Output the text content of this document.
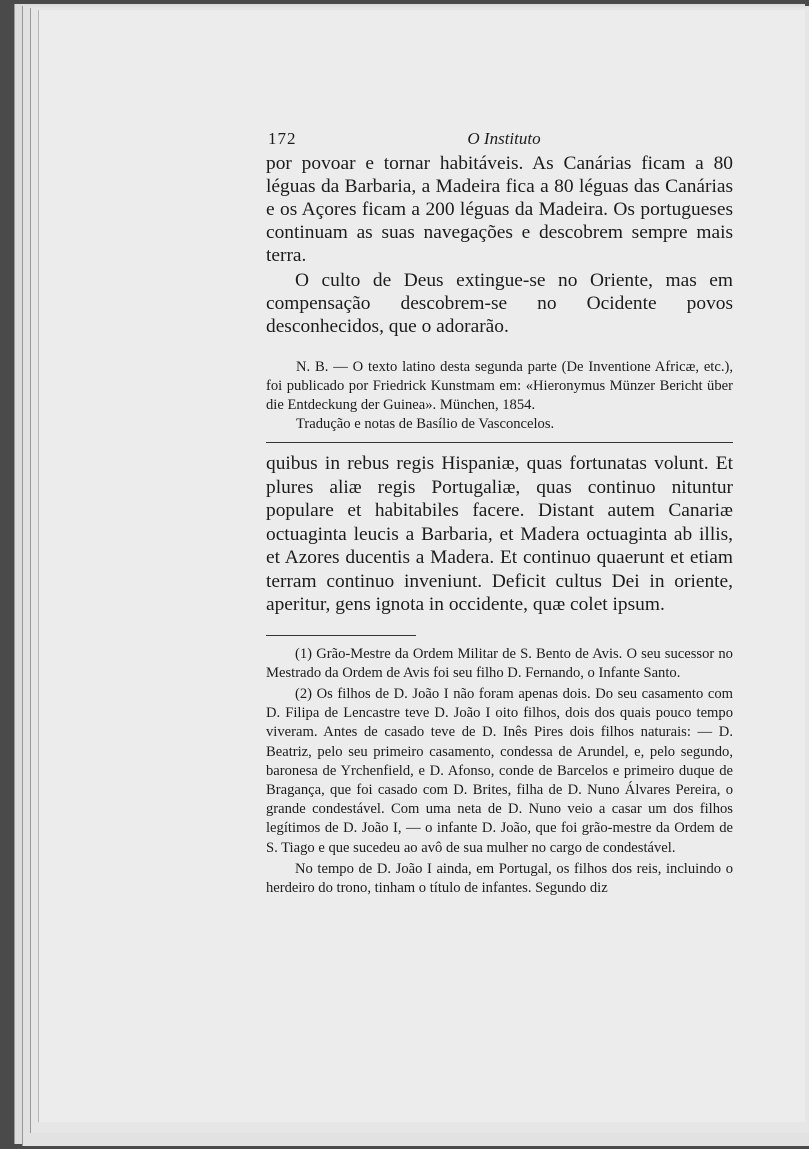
172	O Instituto

por povoar e tornar habitáveis. As Canárias ficam a 80 léguas da Barbaria, a Madeira fica a 80 léguas das Canárias e os Açores ficam a 200 léguas da Madeira. Os portugueses continuam as suas navegações e descobrem sempre mais terra.

O culto de Deus extingue-se no Oriente, mas em compensação descobrem-se no Ocidente povos desconhecidos, que o adorarão.

N. B. — O texto latino desta segunda parte (De Inventione Africæ, etc.), foi publicado por Friedrick Kunstmam em: «Hieronymus Münzer Bericht über die Entdeckung der Guinea». München, 1854.

Tradução e notas de Basílio de Vasconcelos.

quibus in rebus regis Hispaniæ, quas fortunatas volunt. Et plures aliæ regis Portugaliæ, quas continuo nituntur populare et habitabiles facere. Distant autem Canariæ octuaginta leucis a Barbaria, et Madera octuaginta ab illis, et Azores ducentis a Madera. Et continuo quaerunt et etiam terram continuo inveniunt. Deficit cultus Dei in oriente, aperitur, gens ignota in occidente, quæ colet ipsum.

(1) Grão-Mestre da Ordem Militar de S. Bento de Avis. O seu sucessor no Mestrado da Ordem de Avis foi seu filho D. Fernando, o Infante Santo.

(2) Os filhos de D. João I não foram apenas dois. Do seu casamento com D. Filipa de Lencastre teve D. João I oito filhos, dois dos quais pouco tempo viveram. Antes de casado teve de D. Inês Pires dois filhos naturais: — D. Beatriz, pelo seu primeiro casamento, condessa de Arundel, e, pelo segundo, baronesa de Yrchenfield, e D. Afonso, conde de Barcelos e primeiro duque de Bragança, que foi casado com D. Brites, filha de D. Nuno Álvares Pereira, o grande condestável. Com uma neta de D. Nuno veio a casar um dos filhos legítimos de D. João I, — o infante D. João, que foi grão-mestre da Ordem de S. Tiago e que sucedeu ao avô de sua mulher no cargo de condestável.

No tempo de D. João I ainda, em Portugal, os filhos dos reis, incluindo o herdeiro do trono, tinham o título de infantes. Segundo diz
